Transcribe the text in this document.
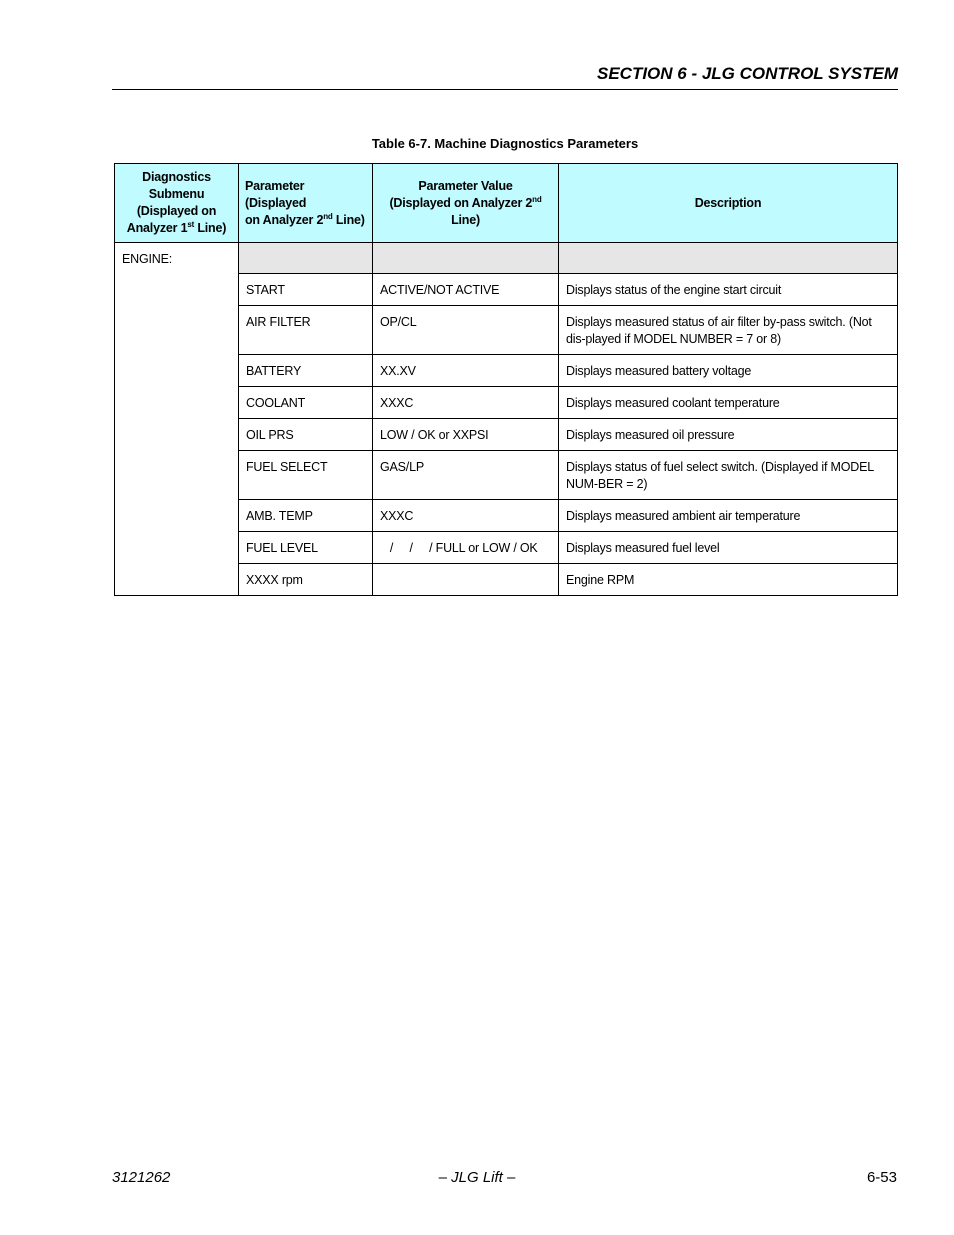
SECTION 6 - JLG CONTROL SYSTEM
Table 6-7. Machine Diagnostics Parameters
Diagnostics
Submenu
(Displayed on
Analyzer 1st Line)	Parameter (Displayed
on Analyzer 2nd Line)	Parameter Value
(Displayed on Analyzer 2nd
Line)	Description
ENGINE:			
	START	ACTIVE/NOT ACTIVE	Displays status of the engine start circuit
	AIR FILTER	OP/CL	Displays measured status of air filter by-pass switch. (Not dis-played if MODEL NUMBER = 7 or 8)
	BATTERY	XX.XV	Displays measured battery voltage
	COOLANT	XXXC	Displays measured coolant temperature
	OIL PRS	LOW / OK or XXPSI	Displays measured oil pressure
	FUEL SELECT	GAS/LP	Displays status of fuel select switch. (Displayed if MODEL NUM-BER = 2)
	AMB. TEMP	XXXC	Displays measured ambient air temperature
	FUEL LEVEL	/     /     / FULL or LOW / OK	Displays measured fuel level
	XXXX rpm		Engine RPM
3121262	– JLG Lift –	6-53
